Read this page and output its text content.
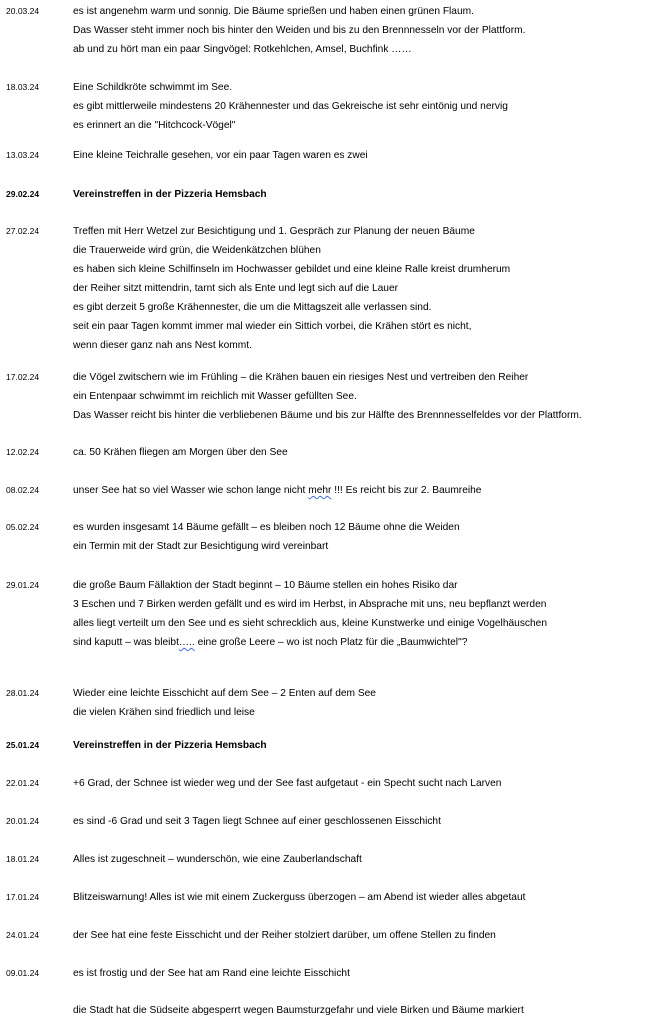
20.03.24	es ist angenehm warm und sonnig. Die Bäume sprießen und haben einen grünen Flaum.
Das Wasser steht immer noch bis hinter den Weiden und bis zu den Brennnesseln vor der Plattform.
ab und zu hört man ein paar Singvögel: Rotkehlchen, Amsel, Buchfink ……
18.03.24	Eine Schildkröte schwimmt im See.
es gibt mittlerweile mindestens 20 Krähennester und das Gekreische ist sehr eintönig und nervig
es erinnert an die "Hitchcock-Vögel"
13.03.24	Eine kleine Teichralle gesehen, vor ein paar Tagen waren es zwei
29.02.24	Vereinstreffen in der Pizzeria Hemsbach
27.02.24	Treffen mit Herr Wetzel zur Besichtigung und 1. Gespräch zur Planung der neuen Bäume
die Trauerweide wird grün, die Weidenkätzchen blühen
es haben sich kleine Schilfinseln im Hochwasser gebildet und eine kleine Ralle kreist drumherum
der Reiher sitzt mittendrin, tarnt sich als Ente und legt sich auf die Lauer
es gibt derzeit 5 große Krähennester, die um die Mittagszeit alle verlassen sind.
seit ein paar Tagen kommt immer mal wieder ein Sittich vorbei, die Krähen stört es nicht,
wenn dieser ganz nah ans Nest kommt.
17.02.24	die Vögel zwitschern wie im Frühling – die Krähen bauen ein riesiges Nest und vertreiben den Reiher
ein Entenpaar schwimmt im reichlich mit Wasser gefüllten See.
Das Wasser reicht bis hinter die verbliebenen Bäume und bis zur Hälfte des Brennnesselfeldes vor der Plattform.
12.02.24	ca. 50 Krähen fliegen am Morgen über den See
08.02.24	unser See hat so viel Wasser wie schon lange nicht mehr !!! Es reicht bis zur 2. Baumreihe
05.02.24	es wurden insgesamt 14 Bäume gefällt – es bleiben noch 12 Bäume ohne die Weiden
ein Termin mit der Stadt zur Besichtigung wird vereinbart
29.01.24	die große Baum Fällaktion der Stadt beginnt – 10 Bäume stellen ein hohes Risiko dar
3 Eschen und 7 Birken werden gefällt und es wird im Herbst, in Absprache mit uns, neu bepflanzt werden
alles liegt verteilt um den See und es sieht schrecklich aus, kleine Kunstwerke und einige Vogelhäuschen
sind kaputt – was bleibt….. eine große Leere – wo ist noch Platz für die „Baumwichtel"?
28.01.24	Wieder eine leichte Eisschicht auf dem See – 2 Enten auf dem See
die vielen Krähen sind friedlich und leise
25.01.24	Vereinstreffen in der Pizzeria Hemsbach
22.01.24	+6 Grad, der Schnee ist wieder weg und der See fast aufgetaut - ein Specht sucht nach Larven
20.01.24	es sind -6 Grad und seit 3 Tagen liegt Schnee auf einer geschlossenen Eisschicht
18.01.24	Alles ist zugeschneit – wunderschön, wie eine Zauberlandschaft
17.01.24	Blitzeiswarnung! Alles ist wie mit einem Zuckerguss überzogen – am Abend ist wieder alles abgetaut
24.01.24	der See hat eine feste Eisschicht und der Reiher stolziert darüber, um offene Stellen zu finden
09.01.24	es ist frostig und der See hat am Rand eine leichte Eisschicht
die Stadt hat die Südseite abgesperrt wegen Baumsturzgefahr und viele Birken und Bäume markiert
